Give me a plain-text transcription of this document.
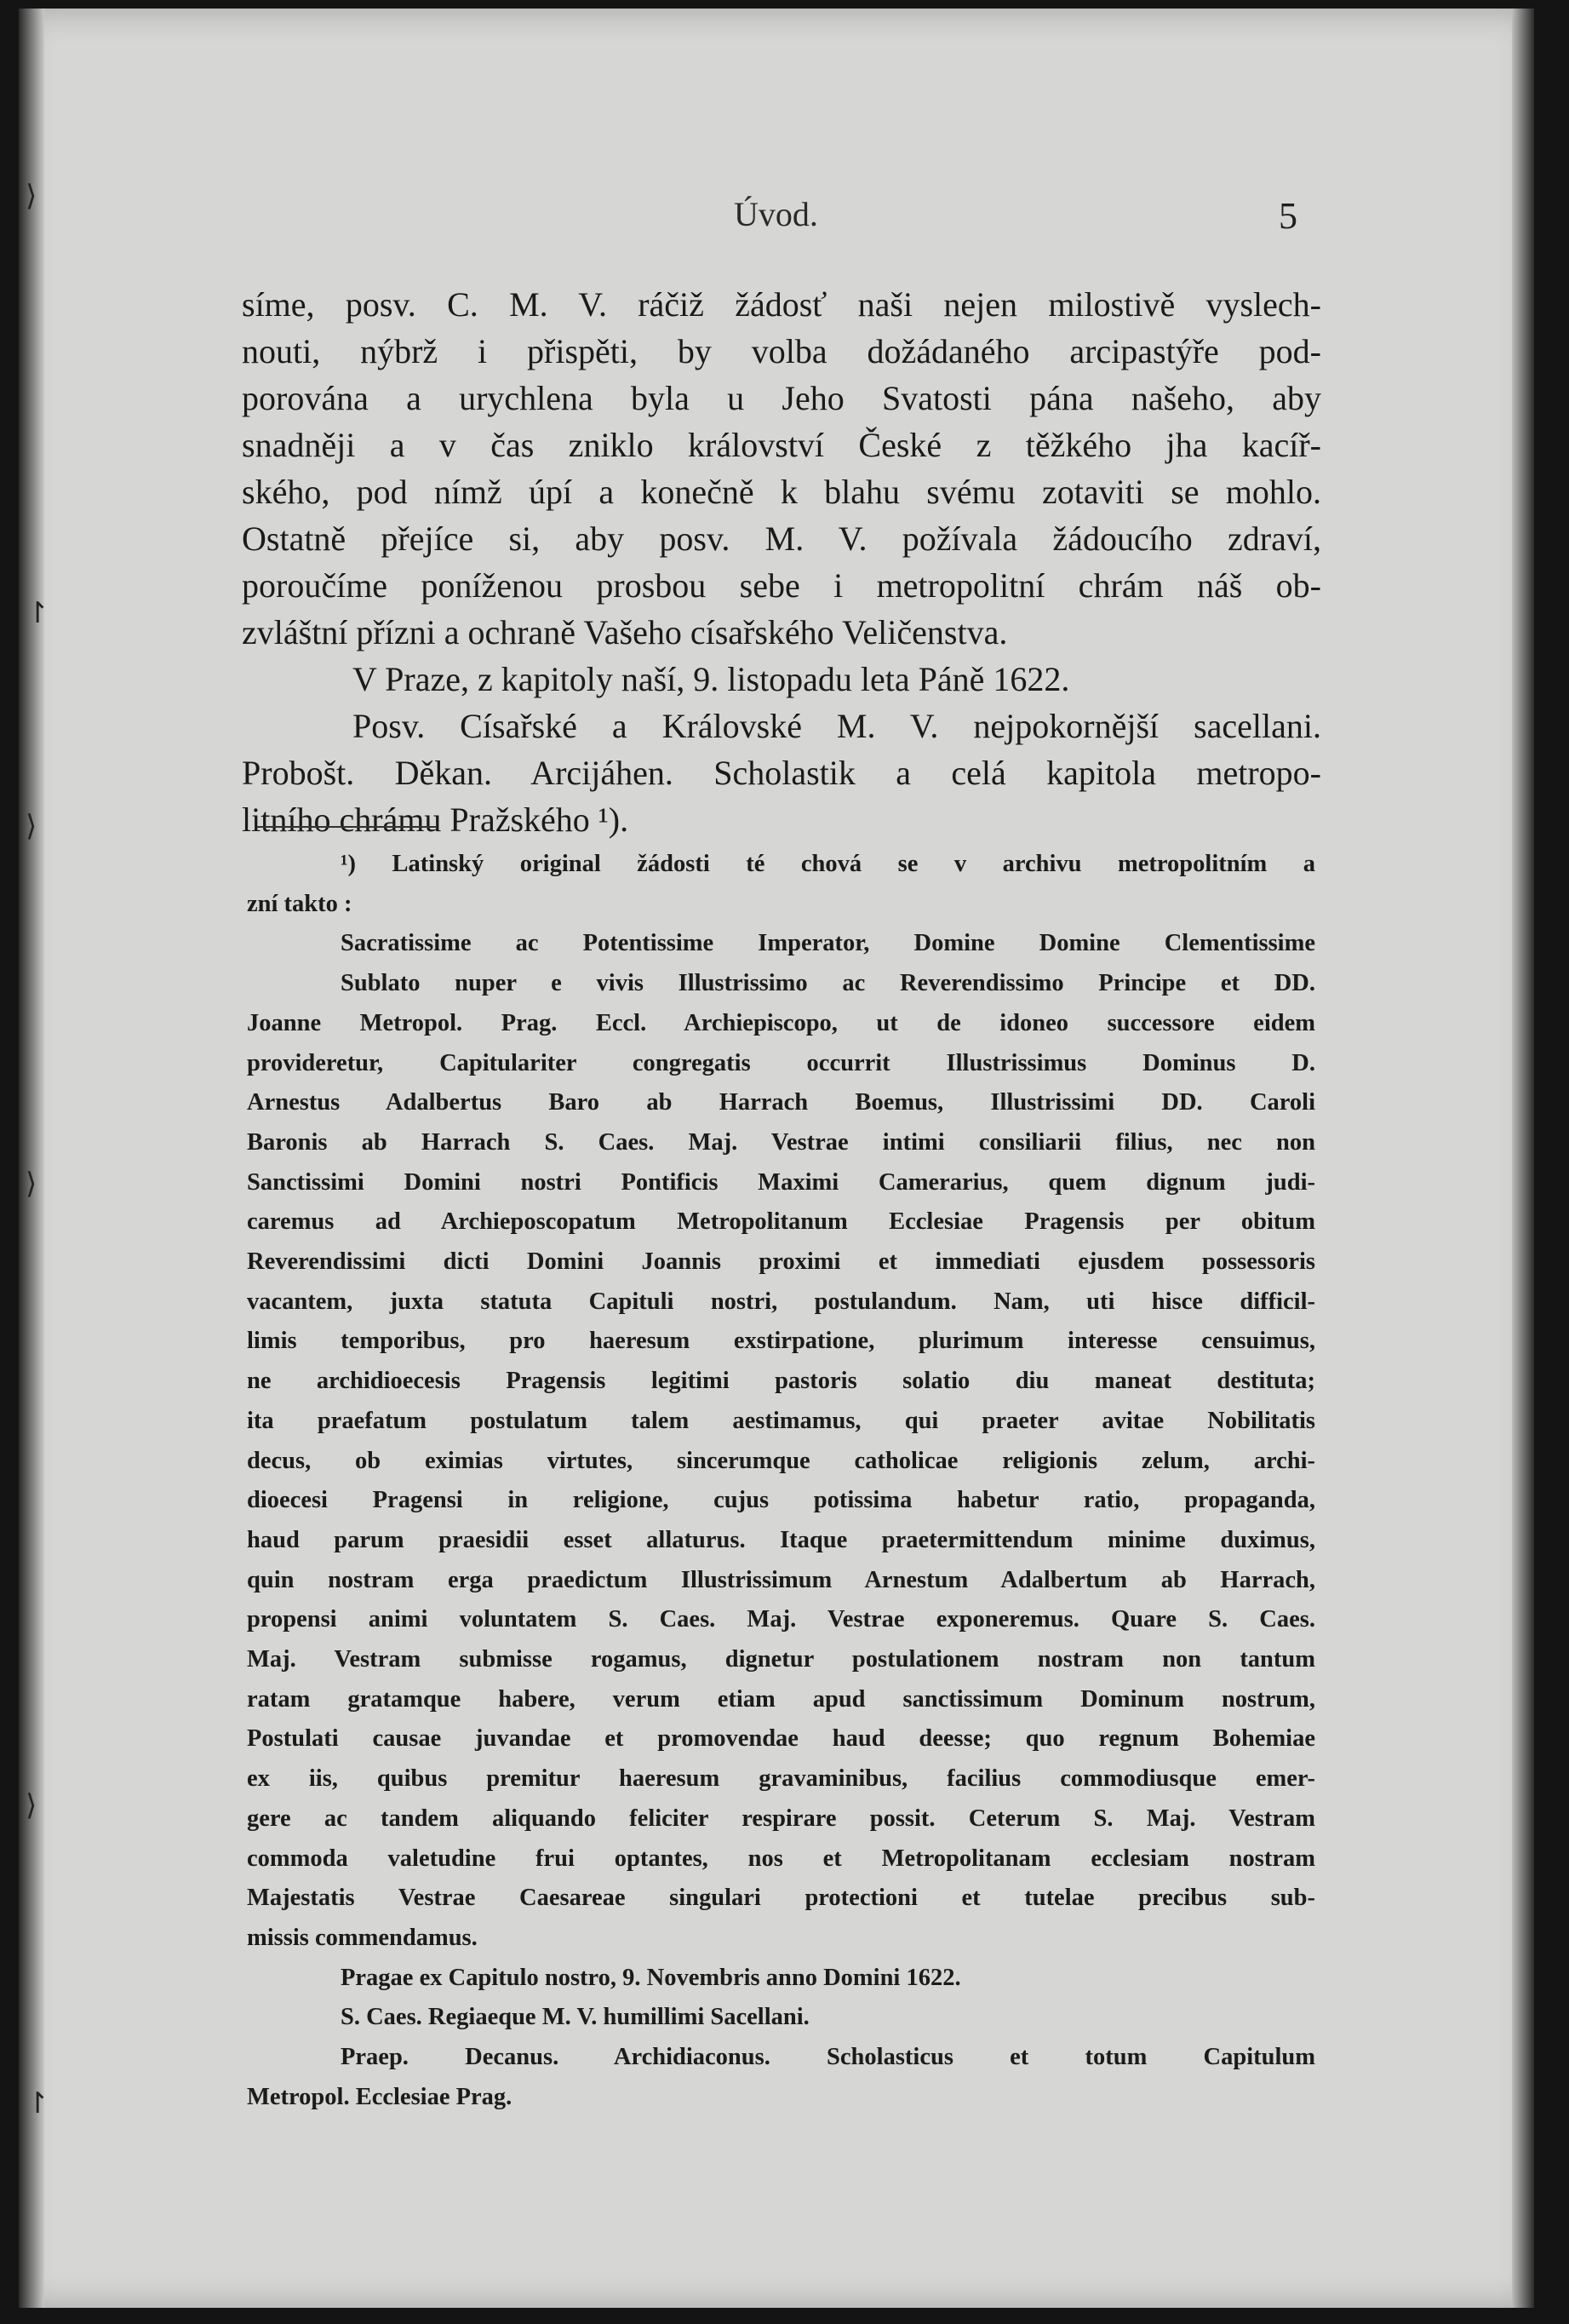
⟩
↾
⟩
⟩
⟩
↾
Úvod.	5
síme, posv. C. M. V. ráčiž žádosť naši nejen milostivě vyslech-
nouti, nýbrž i přispěti, by volba dožádaného arcipastýře pod-
porována a urychlena byla u Jeho Svatosti pána našeho, aby
snadněji a v čas zniklo království České z těžkého jha kacíř-
ského, pod nímž úpí a konečně k blahu svému zotaviti se mohlo.
Ostatně přejíce si, aby posv. M. V. požívala žádoucího zdraví,
poroučíme poníženou prosbou sebe i metropolitní chrám náš ob-
zvláštní přízni a ochraně Vašeho císařského Veličenstva.
V Praze, z kapitoly naší, 9. listopadu leta Páně 1622.
Posv. Císařské a Královské M. V. nejpokornější sacellani.
Probošt. Děkan. Arcijáhen. Scholastik a celá kapitola metropo-
litního chrámu Pražského ¹).
¹) Latinský original žádosti té chová se v archivu metropolitním a
zní takto :
Sacratissime ac Potentissime Imperator, Domine Domine Clementissime
Sublato nuper e vivis Illustrissimo ac Reverendissimo Principe et DD.
Joanne Metropol. Prag. Eccl. Archiepiscopo, ut de idoneo successore eidem
provideretur, Capitulariter congregatis occurrit Illustrissimus Dominus D.
Arnestus Adalbertus Baro ab Harrach Boemus, Illustrissimi DD. Caroli
Baronis ab Harrach S. Caes. Maj. Vestrae intimi consiliarii filius, nec non
Sanctissimi Domini nostri Pontificis Maximi Camerarius, quem dignum judi-
caremus ad Archieposcopatum Metropolitanum Ecclesiae Pragensis per obitum
Reverendissimi dicti Domini Joannis proximi et immediati ejusdem possessoris
vacantem, juxta statuta Capituli nostri, postulandum. Nam, uti hisce difficil-
limis temporibus, pro haeresum exstirpatione, plurimum interesse censuimus,
ne archidioecesis Pragensis legitimi pastoris solatio diu maneat destituta;
ita praefatum postulatum talem aestimamus, qui praeter avitae Nobilitatis
decus, ob eximias virtutes, sincerumque catholicae religionis zelum, archi-
dioecesi Pragensi in religione, cujus potissima habetur ratio, propaganda,
haud parum praesidii esset allaturus. Itaque praetermittendum minime duximus,
quin nostram erga praedictum Illustrissimum Arnestum Adalbertum ab Harrach,
propensi animi voluntatem S. Caes. Maj. Vestrae exponeremus. Quare S. Caes.
Maj. Vestram submisse rogamus, dignetur postulationem nostram non tantum
ratam gratamque habere, verum etiam apud sanctissimum Dominum nostrum,
Postulati causae juvandae et promovendae haud deesse; quo regnum Bohemiae
ex iis, quibus premitur haeresum gravaminibus, facilius commodiusque emer-
gere ac tandem aliquando feliciter respirare possit. Ceterum S. Maj. Vestram
commoda valetudine frui optantes, nos et Metropolitanam ecclesiam nostram
Majestatis Vestrae Caesareae singulari protectioni et tutelae precibus sub-
missis commendamus.
Pragae ex Capitulo nostro, 9. Novembris anno Domini 1622.
S. Caes. Regiaeque M. V. humillimi Sacellani.
Praep. Decanus. Archidiaconus. Scholasticus et totum Capitulum
Metropol. Ecclesiae Prag.
